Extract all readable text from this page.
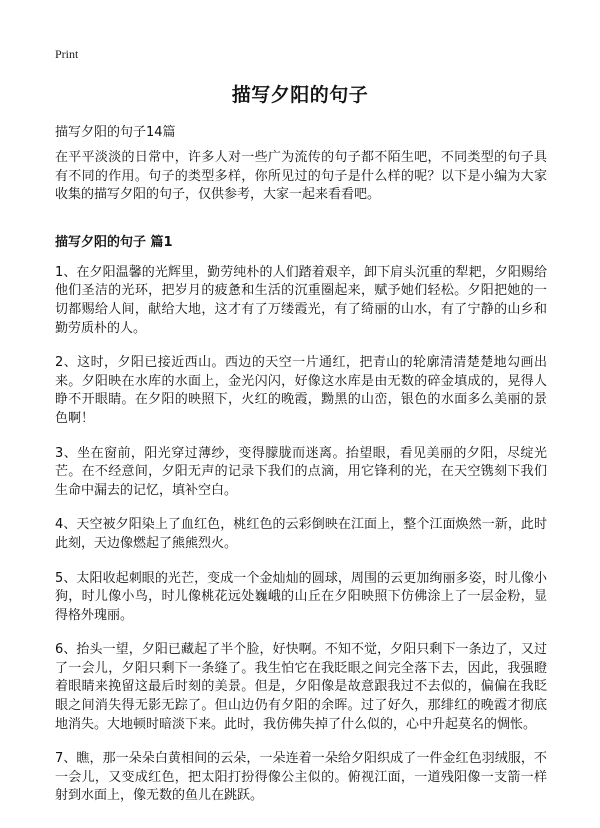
Print
描写夕阳的句子
描写夕阳的句子14篇

在平平淡淡的日常中，许多人对一些广为流传的句子都不陌生吧，不同类型的句子具有不同的作用。句子的类型多样，你所见过的句子是什么样的呢？以下是小编为大家收集的描写夕阳的句子，仅供参考，大家一起来看看吧。

描写夕阳的句子 篇1

1、在夕阳温馨的光辉里，勤劳纯朴的人们踏着艰辛，卸下肩头沉重的犁耙，夕阳赐给他们圣洁的光环，把岁月的疲惫和生活的沉重圈起来，赋予她们轻松。夕阳把她的一切都赐给人间，献给大地，这才有了万缕霞光，有了绮丽的山水，有了宁静的山乡和勤劳质朴的人。

2、这时，夕阳已接近西山。西边的天空一片通红，把青山的轮廓清清楚楚地勾画出来。夕阳映在水库的水面上，金光闪闪，好像这水库是由无数的碎金填成的，晃得人睁不开眼睛。在夕阳的映照下，火红的晚霞，黝黑的山峦，银色的水面多么美丽的景色啊！

3、坐在窗前，阳光穿过薄纱，变得朦胧而迷离。抬望眼，看见美丽的夕阳，尽绽光芒。在不经意间，夕阳无声的记录下我们的点滴，用它锋利的光，在天空镌刻下我们生命中漏去的记忆，填补空白。

4、天空被夕阳染上了血红色，桃红色的云彩倒映在江面上，整个江面焕然一新，此时此刻，天边像燃起了熊熊烈火。

5、太阳收起刺眼的光芒，变成一个金灿灿的圆球，周围的云更加绚丽多姿，时儿像小狗，时儿像小鸟，时儿像桃花远处巍峨的山丘在夕阳映照下仿佛涂上了一层金粉，显得格外瑰丽。

6、抬头一望，夕阳已藏起了半个脸，好快啊。不知不觉，夕阳只剩下一条边了，又过了一会儿，夕阳只剩下一条缝了。我生怕它在我眨眼之间完全落下去，因此，我强瞪着眼睛来挽留这最后时刻的美景。但是，夕阳像是故意跟我过不去似的，偏偏在我眨眼之间消失得无影无踪了。但山边仍有夕阳的余晖。过了好久，那绯红的晚霞才彻底地消失。大地顿时暗淡下来。此时，我仿佛失掉了什么似的，心中升起莫名的惆怅。

7、瞧，那一朵朵白黄相间的云朵，一朵连着一朵给夕阳织成了一件金红色羽绒服，不一会儿，又变成红色，把太阳打扮得像公主似的。俯视江面，一道残阳像一支箭一样射到水面上，像无数的鱼儿在跳跃。
